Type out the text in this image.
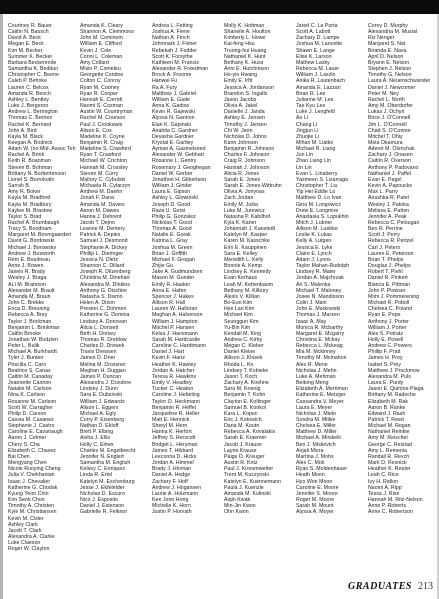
Courtney R. Bauer
Caitlin N. Bausch
David A. Beck
Megan E. Beck
Kim M. Becker
Summer K. Becker
Barbara Beckenrode
Samantha K. Beddun
Christopher C. Beene
Caleb P. Behnke
Lauren C. Belcox
Amanda R. Bench
Ashley L. Bentley
Luke J. Bergeron
Andrew L. Berrington
Thomas C. Berrien
Rachel K. Bernard
John A. Bird
Kayla M. Black
Keegan A. Bodnick
Adam W. (no Mid. Assoc Teh
Rachel A. Brink
Keith R. Boanman
Steven B. Bohman
Brittany N. Borbertenson
Lionel S. Borrokutin
Sarrah B.
Amy R. Boker
Kayla M. Bradford
Kayla M. Bradbury
Kaylee M. Brastow
Taylor S. Brad
Rachel A. Brumbaugh
Tracy S. Boodnam
Margaret M. Boomgaarden
David G. Bordowski
Michael J. Borowsky
Andrew J. Bosworth
Rem E. Boudreau
Anne J. Bowen
Jaiven R. Brady
Wesley J. Braga
ALI M. Bramson
Alexander M. Brault
Amanda M. Braun
John C. Brekke
Erica D. Breuning
Rebecca A. Brey
Taylor J. Brickman
Benjamin L. Brinkman
Caitlin Brooke
Jonathan W. Budzien
Peter L. Bulik
Michael A. Burkhardt
Tyler J. Bunten
Priscilla C. Caro
Beatrice S. Canas
Caitlin M. Canaday
Jeannette Cannon
Natalie M. Carlson
Nina K. Carlson
Rosanne M. Carlson
Scott W. Carragher
Philip D. Carson
Cassia M. Casanez
Stephanie J. Castro
Caroline E. Cavanaugh
Aaron J. Celmer
Chery S. Cha
Elizabeth C. Chavez
Bai Chen
Mengyang Chen
Nicole Ruoying Cheng
Julia V. Chekhanian
Isaac J. Chevalier
Katherine G. Chodak
Kyung Yeon Choi
Kim Seok Choo
Timothy A. Christen
Kyle M. Christiansen
Kevin M. Cisler
Ashley Clark
Jacob T. Clark
Alexandra A. Clarke
Luke Claeson
Roger W. Clayton
Amanda K. Cleary
Shannon A. Clemmons
John M. Cominom
William E. Clifford
Kevin J. Cole
Conni L. Coleman
Amy Collard
Misin P. Comeleu
Georgette Condos
Colton C. Conroy
Ryan M. Cooney
Ryan R. Cooper
Hannah E. Corridi
Naomi S. Cosman
Austin W. Countryman
Rachel M. Courson
Paul J. Crookawis
Alison E. Cox
Madeline K. Coyne
Benjamin R. Craig
Madeline S. Crawford
Ryan T. Crawford
Michael W. Crichton
Hannah M. Crossley
Steven M. Curry
Mallory C. Cybulski
Michaela R. Cytarzyn
Andrew M. Daehn
Jonah F. Dana
Amanda M. Davies
Aaron M. Dawes
Hanna J. Dehrent
Jacob T. Dejno
Leanne M. Demery
Patrick A. Depies
Samuel J. Desmond
Stephanie A. Dickey
Phillip L. Dieringer
Jessica N. Dietz
Shannon C. Dillard
Joseph R. Dilzenberg
Christina M. Dinehart
Alexandra M. Dinkins
Anthony G. Dischler
Natasha S. Dismo
Helen A. Dixon
Preston C. Dohmen
Katherine G. Domina
Lindsey A. Donovan
Alicia L. Donsett
Beth H. Dorsey
Thomas R. Dreblow
Charles D. Drewek
Travis Drewsen
James D. Drier
Melina M. Drossner
Meghan H. Duggan
James P. Duncan
Alexandra J. Dundore
Lindsey J. Dunn
Sara E. Dubzinski
William J. Edwards
Alison L. Eggers
Michael A. Egly
Corry P. Eisenberg
Nathan D. Ekloff
Brett P. Elbing
Aisha J. Ellis
Holly C. Elmer
Charles M. Engelbrecht
Jennifer N. Englert
Samantha M. English
Kelsey C. Enriquez
Linda R. Ertel
Katelyn M. Eschenburg
Jesse J. Ekfelelder
Nicholas D. Escuro
Nico J. Esposito
Daniel J. Estenson
Gabrielle R. Felknor
Andrea L. Fetting
Joshua A. Fiene
Nathan A. Finch
Johnmark J. Fisher
Rebekah J. Fodder
Scott K. Forsythe
Kathleen M. Francis
Alexander R. Freedman
Brock A. Froome
Hanwei Fu
Ra A. Fury
Matthew J. Gabriel
William E. Gade
Anna K. Gadow
Kevin R. Gajewski
Alyssa N. Gannon
Elan K. Gapinski
Anahita C. Gardner
Devasha Gardner
Krystal E. Gartley
Ayman A. Gasmelseed
Alexander W. Gebhart
Rosanne L. Gentry
Rosemary J. Geoghegan
Daniel W. Gerber
Jonathon H. Gilbertson
William J. Ginder
Laura E. Gipson
Ashley L. Glowinski
Joseph D. Good
Raza U. Gorsi
Philip G. Gonzalez
Nickolas T. Good
Thomas A. Good
Natalie E. Gorak
Katrina L. Gray
Joshua M. Green
Brian J. Griffith
Michael F. Grogan
Zhijie Gu
Jake A. Gudmundsen
Mason M. Gunder
Emily R. Haaker
Anna E. Hafen
Spencer J. Hakes
Allison R. Hall
Lauren W. Halloran
Meghan A. Halverson
William J. Hampton
Mitchel P. Hansen
Kelsa J. Hansmann
Sarah M. Hardcastle
Caroline C. Hardtmann
Daniel J. Hart
Kevin F. Hartz
Heather K. Hawley
Jordan A. Hatcher
Teresa R. Hawkins
Emily V. Headley
Tucker C. Heaton
Caroline J. Hebeling
Taylor O. Heckmann
Benjamin R. Heffel
Jacqueline R. Heller
Matt E. Hennick
Sheryl M. Hern
Hanna K. Herfort
Jeffrey S. Herscott
Bridget L. Heryman
James T. Hibbard
Leeconna D. Hicks
Jordan A. Himmel
Brady J. Hinman
Daniel A. Hodge
Zachary F. Hoff
Andrew J. Hogansen
Laurie A. Holzmann
Kee Joon Hong
Michelle K. Horn
Justin P. Horvath
Molly K. Hottman
Shanelle A. Houlton
Kimberly L. Howe
Kai-feng Hsu
Truong-hui Huang
Nathaniel K. Hunt
Bethany K. Huss
Anni E. Hutchinson
Ho-yin Hwang
Emily E. Irfit
Jessica A. Jordanson
Brandon S. Ingalls
Jason Jacobs
Olivia A. Jakel
Danielle J. Janda
Ashley E. Jensen
Timothy J. Jensen
Chi W. Jeon
Nicholas D. Johns
Karin Johnson
Benjamin R. Johnson
Charles F. Johnson
Craig R. Johnson
Hannah J. Johnson
Alicia R. Jones
Sarah E. Jones
Sarah E. Jones-Wittruhn
Olivia A. Jonynas
Zach Jordan
Emily M. Juliia
Luke M. Jurewicz
Natasha P. Kabilhof
Kyla K. Kaner
Johannah J. Kanstedt
Katelyn M. Kasper
Karen M. Kasschke
Erin E. Kauppinen
Sara E. Kelley
Meredith L. Kelly
Bonnie A. Kemp
Lindsey E. Kennedy
Evan Kerhaus
Leah M. Kettenbaum
Bethany M. Kilbury
Alexis V. Killian
Bo-Eun Kim
Hye Lan Kim
Michael Kim
Seunggun Kim
Yu-Bin Kim
Kendall M. King
Andrew C. Kirby
Megan C. Kleber
Daniel Kleine
Allison J. Klosek
Rhoda L. Ko
Lindsey T. Kobieke
Jason T. Koch
Zachary A. Koehne
Sara M. Koenig
Benjamin T. Kohn
Clayton E. Koltinger
Samuel B. Konkol
Kara L. Kopec
Eric J. Kotowich
Dana M. Koutn
Rebecca A. Kovalakis
Sarah E. Kraemer
Jacob J. Krause
Layne Krause
Paige D. Kreuger
Austin R. Kritz
Paul J. Kronenwetter
Trent M. Kuczynski
Katelyn E. Kuennemann
Paula J. Kuenzle
Amanda M. Kulinski
Aiqin Kwak
Min-Jin Kwon
Ohn Kwon
Jared C. La Porta
Scott A. Labott
Zachary D. Lampe
Joshua M. Lancette
Shawn E. Lange
Elise K. Larson
Mathew Lasky
Rebecca M. Lauer
William J. Laszlo
Anika R. Lautenbach
Amanda E. Lazzari
Brian R. Lee
Julianne M. Lee
Tae Kyu Lee
Luke J. Lengfeld
Ao Li
Chang Li
Jingjun Li
Zhuojie Li
Mihan M. Liatko
Michael R. Liang
Jun Lin
Zhao Liang Lin
Lin Lin
Evan L. Linaberry
Yasmeen S. Lizarraga
Christopher T. Liu
Yip Hei Eddie Lo
Matthew D. Lo Ivan
Gina M. Longowicz
Drew E. Longmire
Anastasia S. Lopukhin
Mitch J. Lubner
Allison M. Luebke
Leslie K. Lukas
Kelly A. Lutgen
Jessica E. Lyke
Claire E. Lynch
Adam J. Lyons
Taylor Mahan-Rudolph
Lindsey R. Maier
Jordan A. Majchrzak
Ari S. Malenka
Michael T. Maloney
Josee N. Mandisson
Colin J. Mani
John E. Markowski
Thomas J. Marzen
Isaac A. May
Monica R. Mcbarthy
Margaret E. Mcgarry
Christina E. Mckay
Rebecca L. Mckeag
Mia M. Mckinney
Timothy M. Mcmahon
Alex R. Mene
Nicholas J. Mehn
Luke A. Mehman
Beitong Meng
Elizabeth A. Merriman
Katherine E. Metzger
Cassandra V. Meyer
Laura E. Meyer
Nicholas J. Mielo
Sondra M. Milkie
Chelsea E. Miller
Matthew D. Miller
Michael A. Minikelli
Ben J. Miskovich
Anjali Misra
Martina J. Mohs
Alex C. Mok
Ryan S. Moldenhauer
Heath Moon
Hyo Won Moon
Caroline E. Moore
Jennifer S. Moore
Roger M. Moore
Sarah M. Mount
Alyssa A. Moyer
Corey D. Murphy
Alexandria M. Musial
Riz Nenger
Margaret S. Nat
Brianda E. Nava
April D. Nelson
Bryann E. Nelson
Stephen J. Nelson
Timothy G. Nelson
Laura A. Neuenschwander
Daniel J. Newcomer
Peter M. Ney
Rachel L. North
Amy M. Oberdorfer
Lukas J. Ochyri
Brice J. O'Connell
Jim L. O'Connell
Chad S. O'Connor
Mitchel T. Ohly
Meia Okamura
Aderet M. Olenchak
Zachary J. Onasen
Caitlin R. Overson
Anthony P. Padovano
Nathaniel J. Paffel
Evan E. Pagel
Kevin A. Papoucks
Max L. Parry
Anushka R. Patel
Wesley J. Patoka
Melissa E. Patton
Jennifer A. Peak
Rebecca C. Pelougan
Ben R. Perrine
Scott J. Perry
Rebecca R. Pertzel
Carl J. Peters
Lauren E. Peterson
Brian T. Phelps
Douglas J. Phelps
Robert T. Piehl
Daniel R. Pinkert
Bianca E. Pittman
John P. Plowser
Mimi J. Pommerening
Michael R. Poboll
Chelsea C. Poland
Ryan E. Pope
Anthony J. Porter
William J. Porter
Alex S. Potratz
Holly E. Powell
Andrew C. Powers
Phillip F. Pratt
James H. Prey
Isabel S. Prey
Matthew J. Prockmow
Alexandra M. Puls
Laura E. Purdy
Jason E. Quintos-Plaga
Brittany M. Radoche
Elizabeth M. Rak
Aaron B. Ranke
Edward J. Rash
Patrick T. Reed
Michael M. Regan
Nathaniel Reinkie
Amy M. Reischel
George C. Reistad
Amy L. Remenia
Randall R. Revch
Mark D. Resnick
Heather K. Reuter
Leah C. Rice
Ivy H. Ridlon
Naomi A. Ripp
Tessa J. Rise
Hannah M. Ritz-Nelson
Anne P. Roberts
Anne C. Robertson
GRADUATES 213
